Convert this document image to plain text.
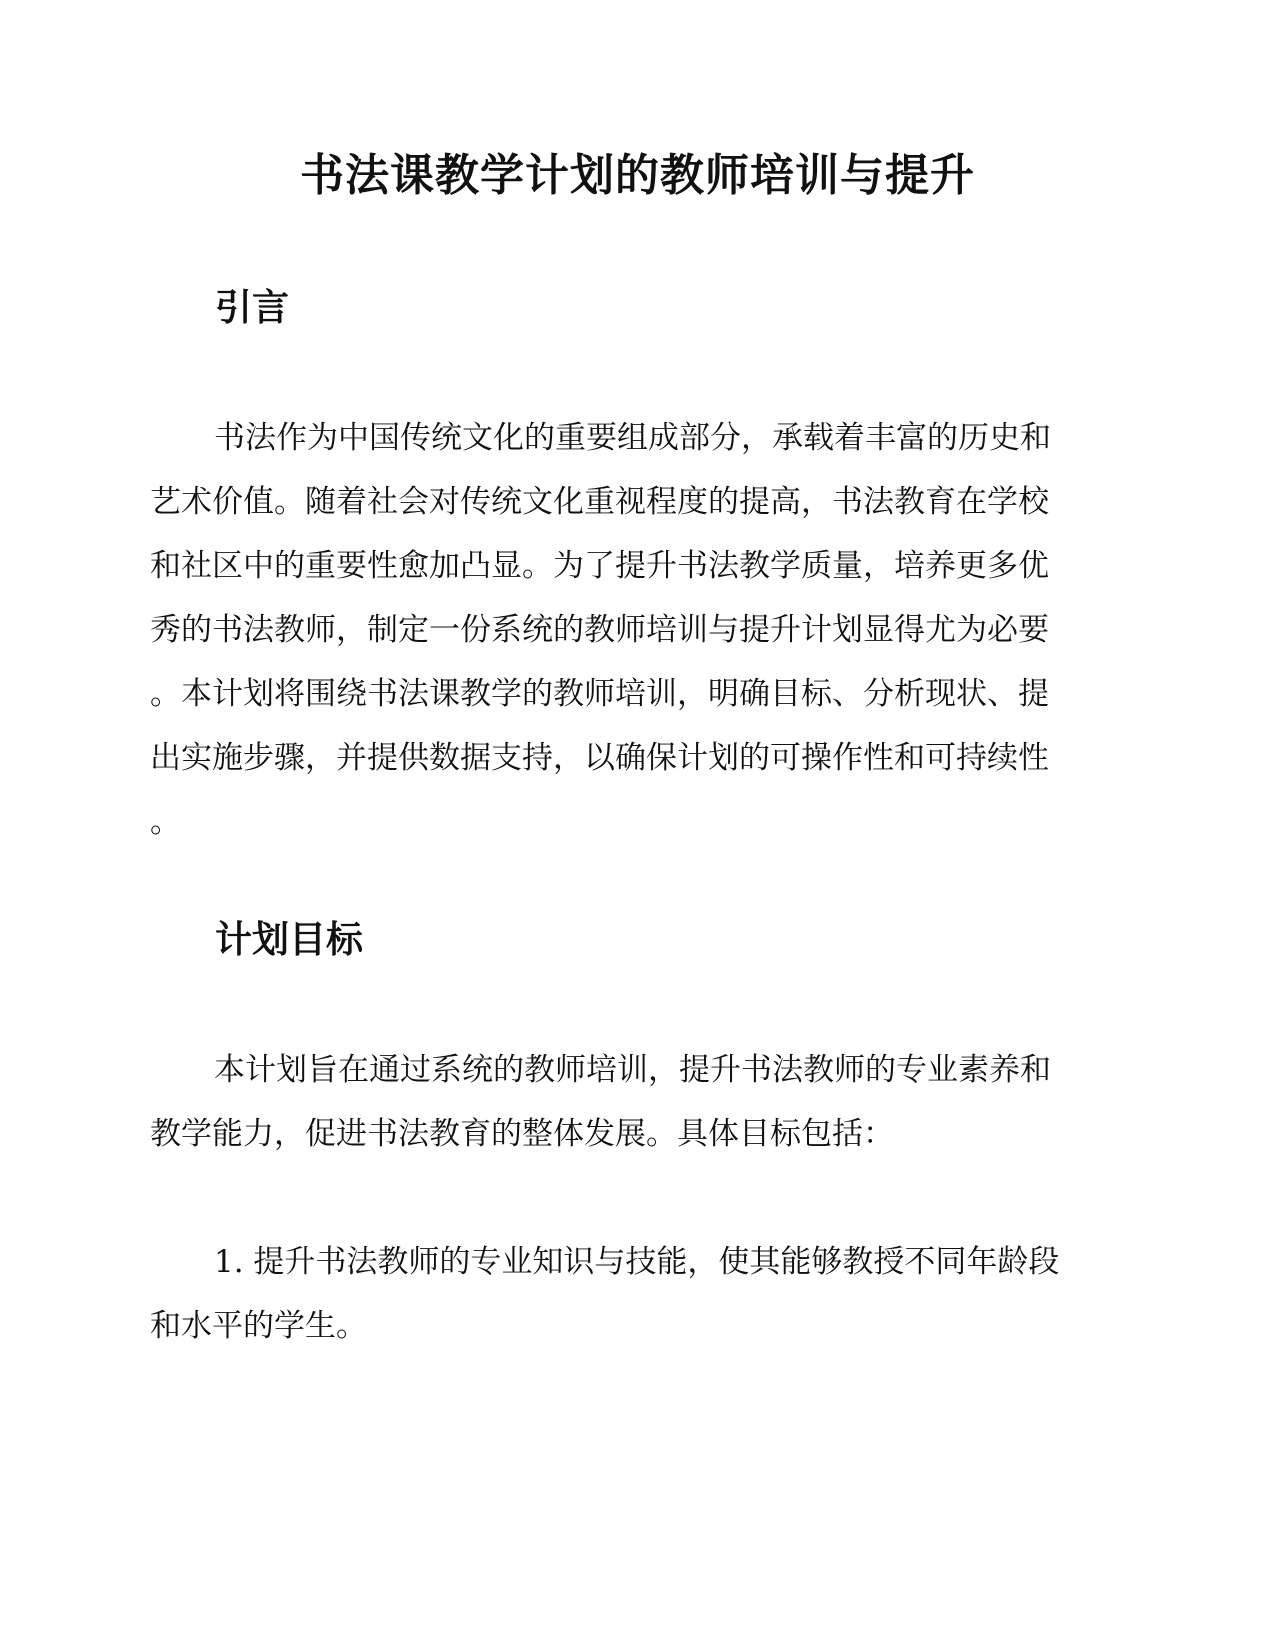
书法课教学计划的教师培训与提升
引言
书法作为中国传统文化的重要组成部分，承载着丰富的历史和
艺术价值。随着社会对传统文化重视程度的提高，书法教育在学校
和社区中的重要性愈加凸显。为了提升书法教学质量，培养更多优
秀的书法教师，制定一份系统的教师培训与提升计划显得尤为必要
。本计划将围绕书法课教学的教师培训，明确目标、分析现状、提
出实施步骤，并提供数据支持，以确保计划的可操作性和可持续性
。
计划目标
本计划旨在通过系统的教师培训，提升书法教师的专业素养和
教学能力，促进书法教育的整体发展。具体目标包括：
1. 提升书法教师的专业知识与技能，使其能够教授不同年龄段
和水平的学生。
